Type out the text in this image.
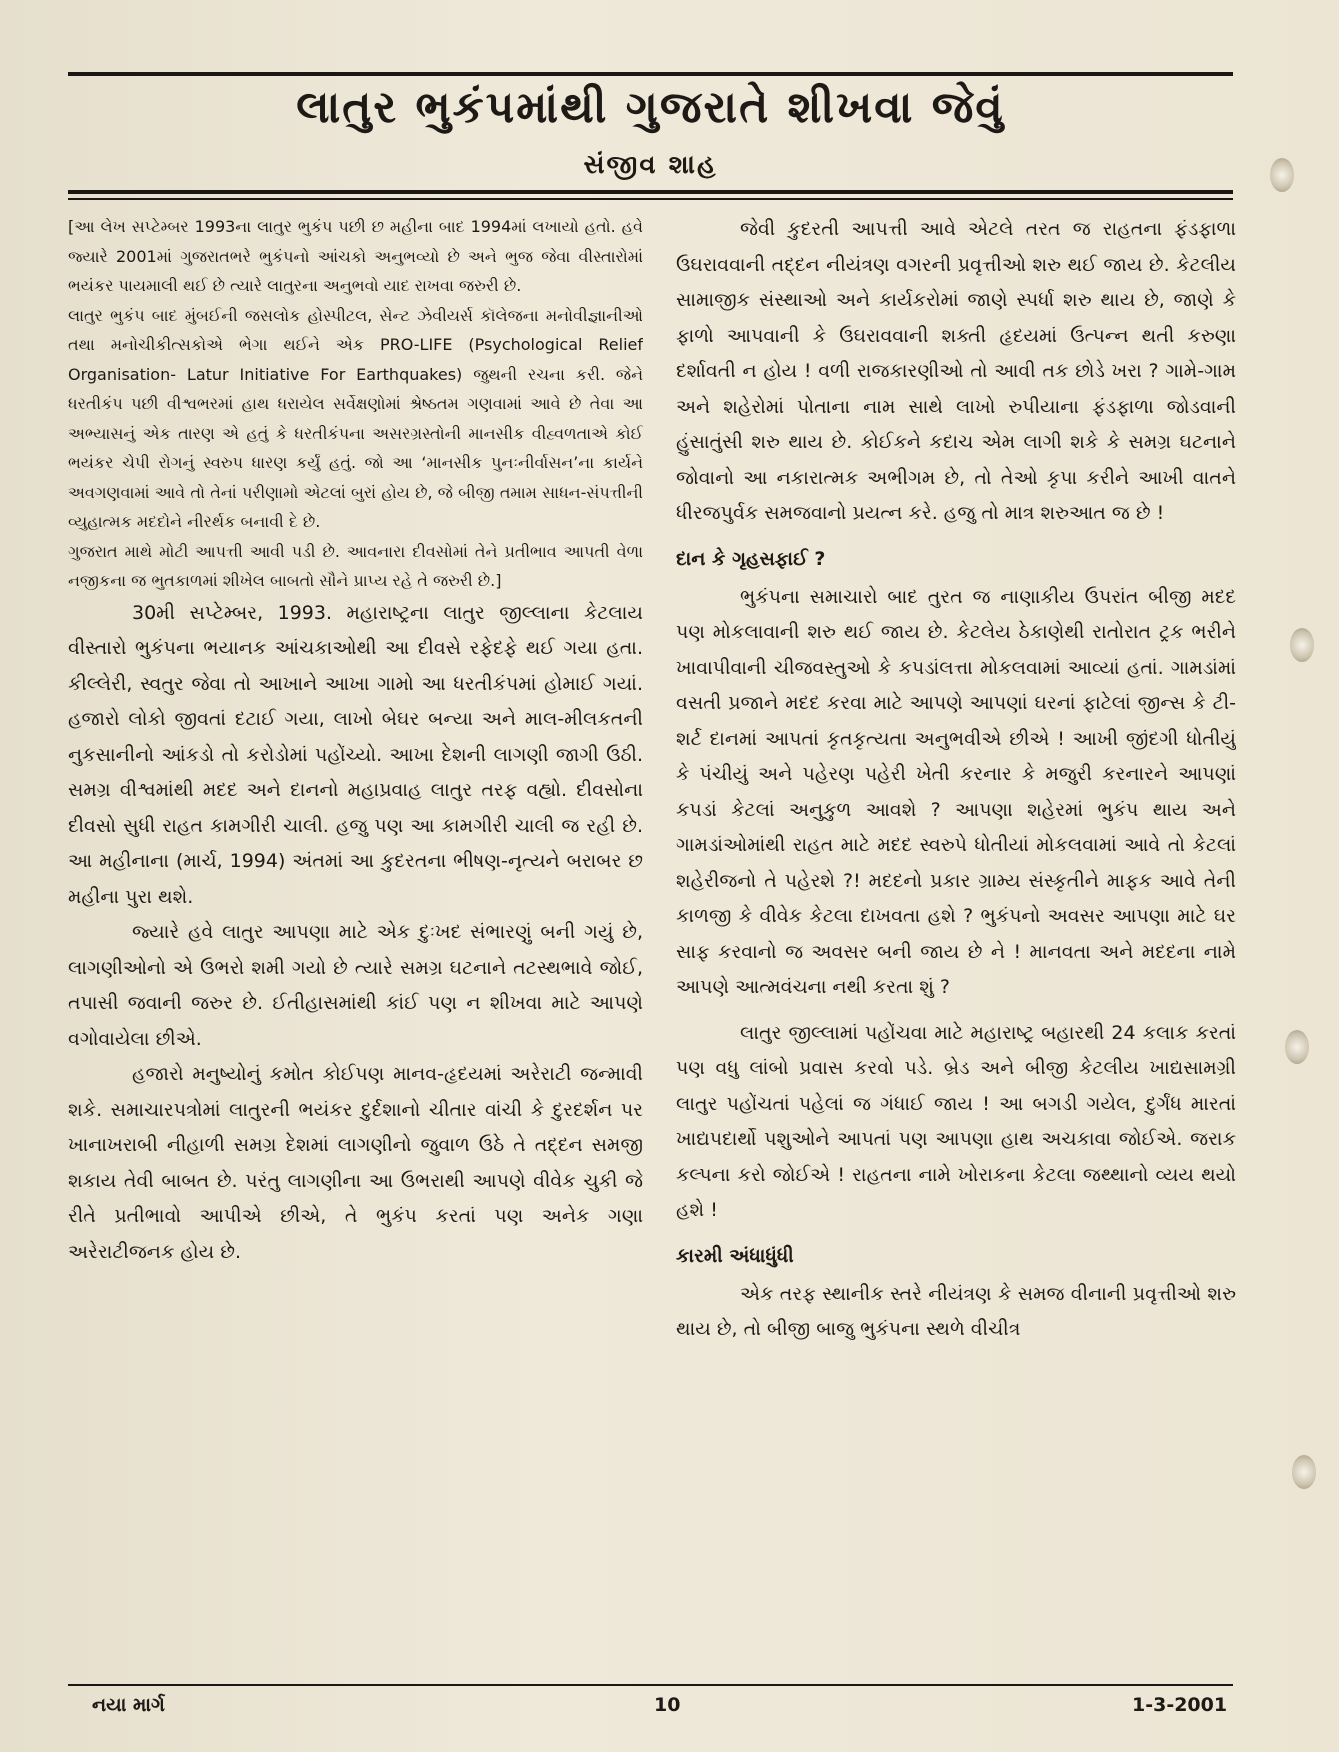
લાતુર ભુકંપમાંથી ગુજરાતે શીખવા જેવું
સંજીવ શાહ

[આ લેખ સપ્ટેમ્બર 1993ના લાતુર ભુકંપ પછી છ મહીના બાદ 1994માં લખાયો હતો. હવે જ્યારે 2001માં ગુજરાતભરે ભુકંપનો આંચકો અનુભવ્યો છે અને ભુજ જેવા વીસ્તારોમાં ભયંકર પાયમાલી થઈ છે ત્યારે લાતુરના અનુભવો યાદ રાખવા જરુરી છે.

લાતુર ભુકંપ બાદ મુંબઈની જસલોક હોસ્પીટલ, સેન્ટ ઝેવીયર્સ કૉલેજના મનોવીજ્ઞાનીઓ તથા મનોચીકીત્સકોએ ભેગા થઈને એક PRO-LIFE (Psychological Relief Organisation- Latur Initiative For Earthquakes) જુથની રચના કરી. જેને ધરતીકંપ પછી વીશ્વભરમાં હાથ ધરાયેલ સર્વેક્ષણોમાં શ્રેષ્ઠતમ ગણવામાં આવે છે તેવા આ અભ્યાસનું એક તારણ એ હતું કે ધરતીકંપના અસરગ્રસ્તોની માનસીક વીહ્વળતાએ કોઈ ભયંકર ચેપી રોગનું સ્વરુપ ધારણ કર્યું હતું. જો આ ‘માનસીક પુનઃનીર્વાસન’ના કાર્યને અવગણવામાં આવે તો તેનાં પરીણામો એટલાં બુરાં હોય છે, જે બીજી તમામ સાધન-સંપત્તીની વ્યુહાત્મક મદદોને નીરર્થક બનાવી દે છે.

ગુજરાત માથે મોટી આપત્તી આવી પડી છે. આવનારા દીવસોમાં તેને પ્રતીભાવ આપતી વેળા નજીકના જ ભુતકાળમાં શીખેલ બાબતો સૌને પ્રાપ્ય રહે તે જરુરી છે.]

30મી સપ્ટેમ્બર, 1993. મહારાષ્ટ્રના લાતુર જીલ્લાના કેટલાય વીસ્તારો ભુકંપના ભયાનક આંચકાઓથી આ દીવસે રફેદફે થઈ ગયા હતા. કીલ્લેરી, સ્વતુર જેવા તો આખાને આખા ગામો આ ધરતીકંપમાં હોમાઈ ગયાં. હજારો લોકો જીવતાં દટાઈ ગયા, લાખો બેઘર બન્યા અને માલ-મીલકતની નુકસાનીનો આંકડો તો કરોડોમાં પહોંચ્યો. આખા દેશની લાગણી જાગી ઉઠી. સમગ્ર વીશ્વમાંથી મદદ અને દાનનો મહાપ્રવાહ લાતુર તરફ વહ્યો. દીવસોના દીવસો સુધી રાહત કામગીરી ચાલી. હજુ પણ આ કામગીરી ચાલી જ રહી છે. આ મહીનાના (માર્ચ, 1994) અંતમાં આ કુદરતના ભીષણ-નૃત્યને બરાબર છ મહીના પુરા થશે.

જ્યારે હવે લાતુર આપણા માટે એક દુઃખદ સંભારણું બની ગયું છે, લાગણીઓનો એ ઉભરો શમી ગયો છે ત્યારે સમગ્ર ઘટનાને તટસ્થભાવે જોઈ, તપાસી જવાની જરુર છે. ઈતીહાસમાંથી કાંઈ પણ ન શીખવા માટે આપણે વગોવાયેલા છીએ.

હજારો મનુષ્યોનું કમોત કોઈપણ માનવ-હૃદયમાં અરેરાટી જન્માવી શકે. સમાચારપત્રોમાં લાતુરની ભયંકર દુર્દશાનો ચીતાર વાંચી કે દુરદર્શન પર ખાનાખરાબી નીહાળી સમગ્ર દેશમાં લાગણીનો જુવાળ ઉઠે તે તદ્દન સમજી શકાય તેવી બાબત છે. પરંતુ લાગણીના આ ઉભરાથી આપણે વીવેક ચુકી જે રીતે પ્રતીભાવો આપીએ છીએ, તે ભુકંપ કરતાં પણ અનેક ગણા અરેરાટીજનક હોય છે.

જેવી કુદરતી આપત્તી આવે એટલે તરત જ રાહતના ફંડફાળા ઉઘરાવવાની તદ્દન નીયંત્રણ વગરની પ્રવૃત્તીઓ શરુ થઈ જાય છે. કેટલીય સામાજીક સંસ્થાઓ અને કાર્યકરોમાં જાણે સ્પર્ધા શરુ થાય છે, જાણે કે ફાળો આપવાની કે ઉઘરાવવાની શક્તી હૃદયમાં ઉત્પન્ન થતી કરુણા દર્શાવતી ન હોય ! વળી રાજકારણીઓ તો આવી તક છોડે ખરા ? ગામે-ગામ અને શહેરોમાં પોતાના નામ સાથે લાખો રુપીયાના ફંડફાળા જોડવાની હુંસાતુંસી શરુ થાય છે. કોઈકને કદાચ એમ લાગી શકે કે સમગ્ર ઘટનાને જોવાનો આ નકારાત્મક અભીગમ છે, તો તેઓ કૃપા કરીને આખી વાતને ધીરજપુર્વક સમજવાનો પ્રયત્ન કરે. હજુ તો માત્ર શરુઆત જ છે !

દાન કે ગૃહસફાઈ ?

ભુકંપના સમાચારો બાદ તુરત જ નાણાકીય ઉપરાંત બીજી મદદ પણ મોકલાવાની શરુ થઈ જાય છે. કેટલેય ઠેકાણેથી રાતોરાત ટ્રક ભરીને ખાવાપીવાની ચીજવસ્તુઓ કે કપડાંલત્તા મોકલવામાં આવ્યાં હતાં. ગામડાંમાં વસતી પ્રજાને મદદ કરવા માટે આપણે આપણાં ઘરનાં ફાટેલાં જીન્સ કે ટી-શર્ટ દાનમાં આપતાં કૃતકૃત્યતા અનુભવીએ છીએ ! આખી જીંદગી ધોતીયું કે પંચીયું અને પહેરણ પહેરી ખેતી કરનાર કે મજુરી કરનારને આપણાં કપડાં કેટલાં અનુકુળ આવશે ? આપણા શહેરમાં ભુકંપ થાય અને ગામડાંઓમાંથી રાહત માટે મદદ સ્વરુપે ધોતીયાં મોકલવામાં આવે તો કેટલાં શહેરીજનો તે પહેરશે ?! મદદનો પ્રકાર ગ્રામ્ય સંસ્કૃતીને માફક આવે તેની કાળજી કે વીવેક કેટલા દાખવતા હશે ? ભુકંપનો અવસર આપણા માટે ઘર સાફ કરવાનો જ અવસર બની જાય છે ને ! માનવતા અને મદદના નામે આપણે આત્મવંચના નથી કરતા શું ?

લાતુર જીલ્લામાં પહોંચવા માટે મહારાષ્ટ્ર બહારથી 24 કલાક કરતાં પણ વધુ લાંબો પ્રવાસ કરવો પડે. બ્રેડ અને બીજી કેટલીય ખાદ્યસામગ્રી લાતુર પહોંચતાં પહેલાં જ ગંધાઈ જાય ! આ બગડી ગયેલ, દુર્ગંધ મારતાં ખાદ્યપદાર્થો પશુઓને આપતાં પણ આપણા હાથ અચકાવા જોઈએ. જરાક કલ્પના કરો જોઈએ ! રાહતના નામે ખોરાકના કેટલા જથ્થાનો વ્યય થયો હશે !

કારમી અંધાધુંધી

એક તરફ સ્થાનીક સ્તરે નીયંત્રણ કે સમજ વીનાની પ્રવૃત્તીઓ શરુ થાય છે, તો બીજી બાજુ ભુકંપના સ્થળે વીચીત્ર

નયા માર્ગ	10	1-3-2001
